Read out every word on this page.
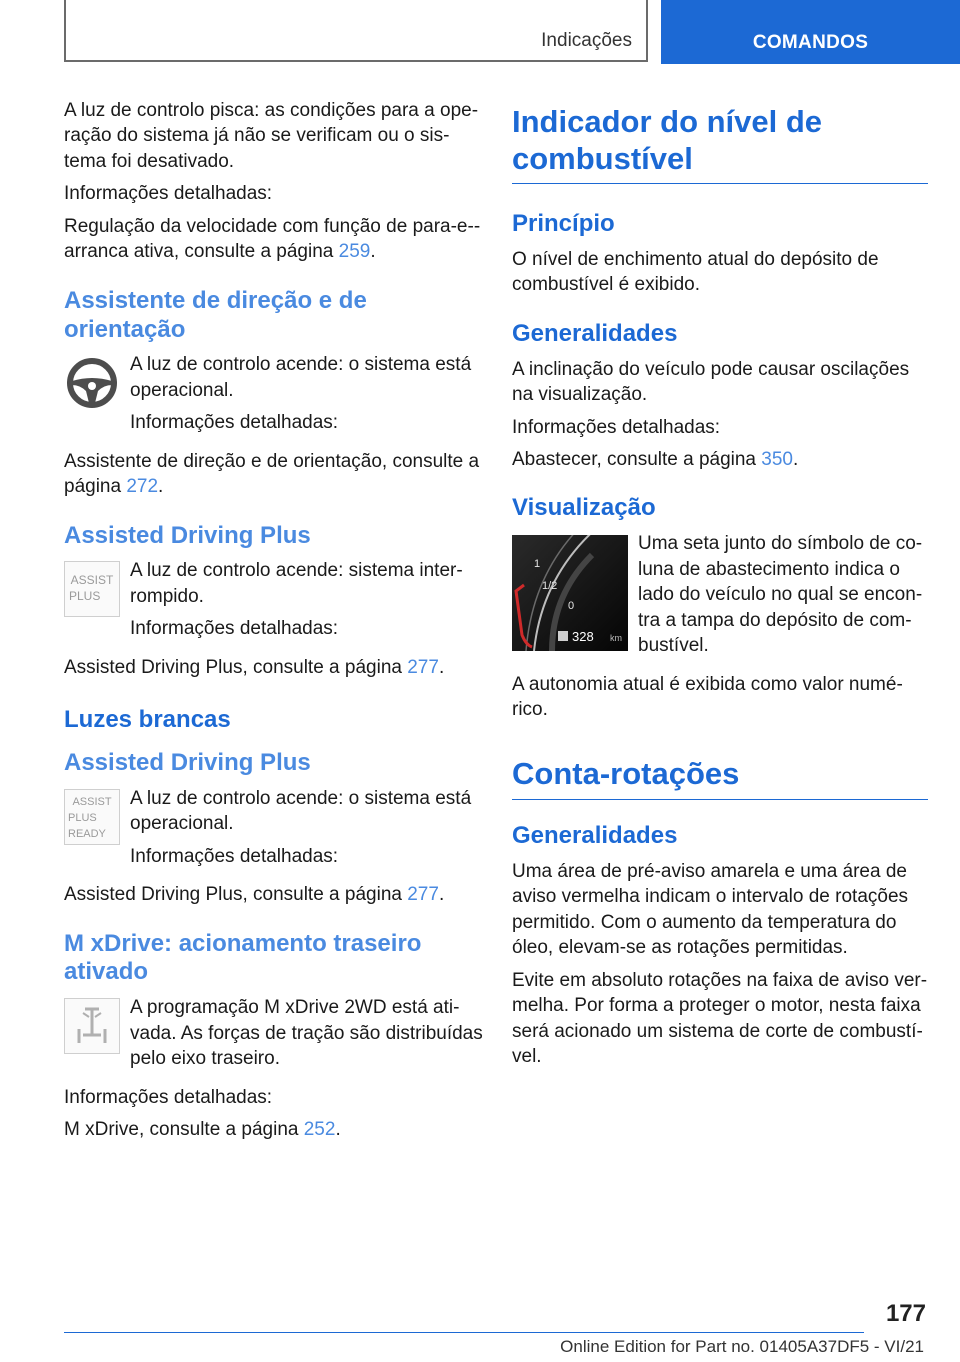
Indicações	COMANDOS

A luz de controlo pisca: as condições para a ope‐ração do sistema já não se verificam ou o sis‐tema foi desativado.

Informações detalhadas:

Regulação da velocidade com função de para-e‐-arranca ativa, consulte a página 259.

Assistente de direção e de orientação

A luz de controlo acende: o sistema está operacional.

Informações detalhadas:

Assistente de direção e de orientação, consulte a página 272.

Assisted Driving Plus
ASSIST
PLUS

A luz de controlo acende: sistema inter‐rompido.

Informações detalhadas:

Assisted Driving Plus, consulte a página 277.

Luzes brancas
Assisted Driving Plus
ASSIST
PLUS
READY

A luz de controlo acende: o sistema está operacional.

Informações detalhadas:

Assisted Driving Plus, consulte a página 277.

M xDrive: acionamento traseiro ativado

A programação M xDrive 2WD está ati‐vada. As forças de tração são distribuídas pelo eixo traseiro.

Informações detalhadas:

M xDrive, consulte a página 252.

Indicador do nível de combustível
Princípio

O nível de enchimento atual do depósito de combustível é exibido.

Generalidades

A inclinação do veículo pode causar oscilações na visualização.

Informações detalhadas:

Abastecer, consulte a página 350.

Visualização
1
1/2
0
328 km

Uma seta junto do símbolo de co‐luna de abastecimento indica o lado do veículo no qual se encon‐tra a tampa do depósito de com‐bustível.

A autonomia atual é exibida como valor numé‐rico.

Conta-rotações
Generalidades

Uma área de pré-aviso amarela e uma área de aviso vermelha indicam o intervalo de rotações permitido. Com o aumento da temperatura do óleo, elevam-se as rotações permitidas.

Evite em absoluto rotações na faixa de aviso ver‐melha. Por forma a proteger o motor, nesta faixa será acionado um sistema de corte de combustí‐vel.

177
Online Edition for Part no. 01405A37DF5 - VI/21
